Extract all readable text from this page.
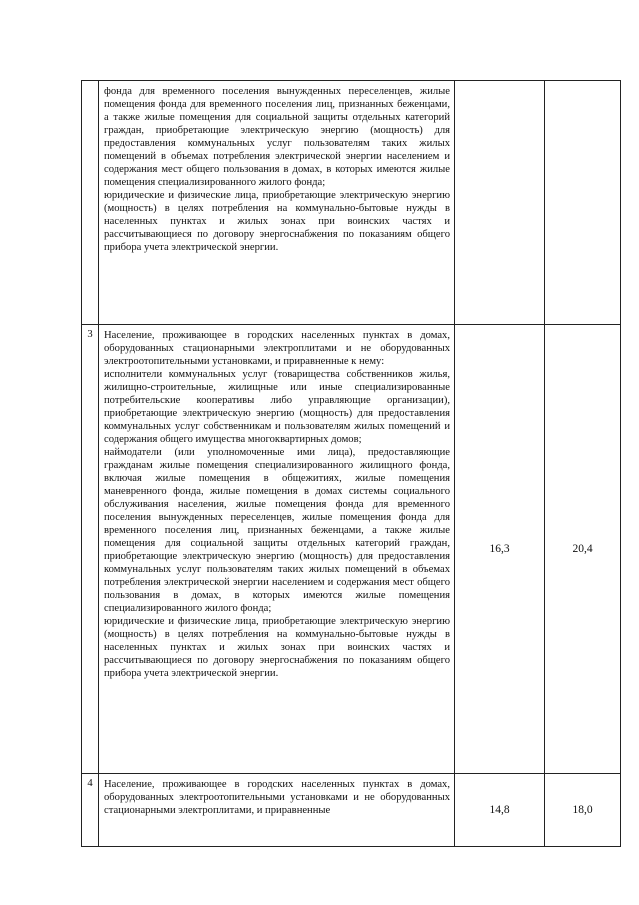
	фонда для временного поселения вынужденных переселенцев, жилые помещения фонда для временного поселения лиц, признанных беженцами, а также жилые помещения для социальной защиты отдельных категорий граждан, приобретающие электрическую энергию (мощность) для предоставления коммунальных услуг пользователям таких жилых помещений в объемах потребления электрической энергии населением и содержания мест общего пользования в домах, в которых имеются жилые помещения специализированного жилого фонда;

юридические и физические лица, приобретающие электрическую энергию (мощность) в целях потребления на коммунально-бытовые нужды в населенных пунктах и жилых зонах при воинских частях и рассчитывающиеся по договору энергоснабжения по показаниям общего прибора учета электрической энергии.		

3	Население, проживающее в городских населенных пунктах в домах, оборудованных стационарными электроплитами и не оборудованных электроотопительными установками, и приравненные к нему:

исполнители коммунальных услуг (товарищества собственников жилья, жилищно-строительные, жилищные или иные специализированные потребительские кооперативы либо управляющие организации), приобретающие электрическую энергию (мощность) для предоставления коммунальных услуг собственникам и пользователям жилых помещений и содержания общего имущества многоквартирных домов;

наймодатели (или уполномоченные ими лица), предоставляющие гражданам жилые помещения специализированного жилищного фонда, включая жилые помещения в общежитиях, жилые помещения маневренного фонда, жилые помещения в домах системы социального обслуживания населения, жилые помещения фонда для временного поселения вынужденных переселенцев, жилые помещения фонда для временного поселения лиц, признанных беженцами, а также жилые помещения для социальной защиты отдельных категорий граждан, приобретающие электрическую энергию (мощность) для предоставления коммунальных услуг пользователям таких жилых помещений в объемах потребления электрической энергии населением и содержания мест общего пользования в домах, в которых имеются жилые помещения специализированного жилого фонда;

юридические и физические лица, приобретающие электрическую энергию (мощность) в целях потребления на коммунально-бытовые нужды в населенных пунктах и жилых зонах при воинских частях и рассчитывающиеся по договору энергоснабжения по показаниям общего прибора учета электрической энергии.	16,3	20,4
4	Население, проживающее в городских населенных пунктах в домах, оборудованных электроотопительными установками и не оборудованных стационарными электроплитами, и приравненные	14,8	18,0
